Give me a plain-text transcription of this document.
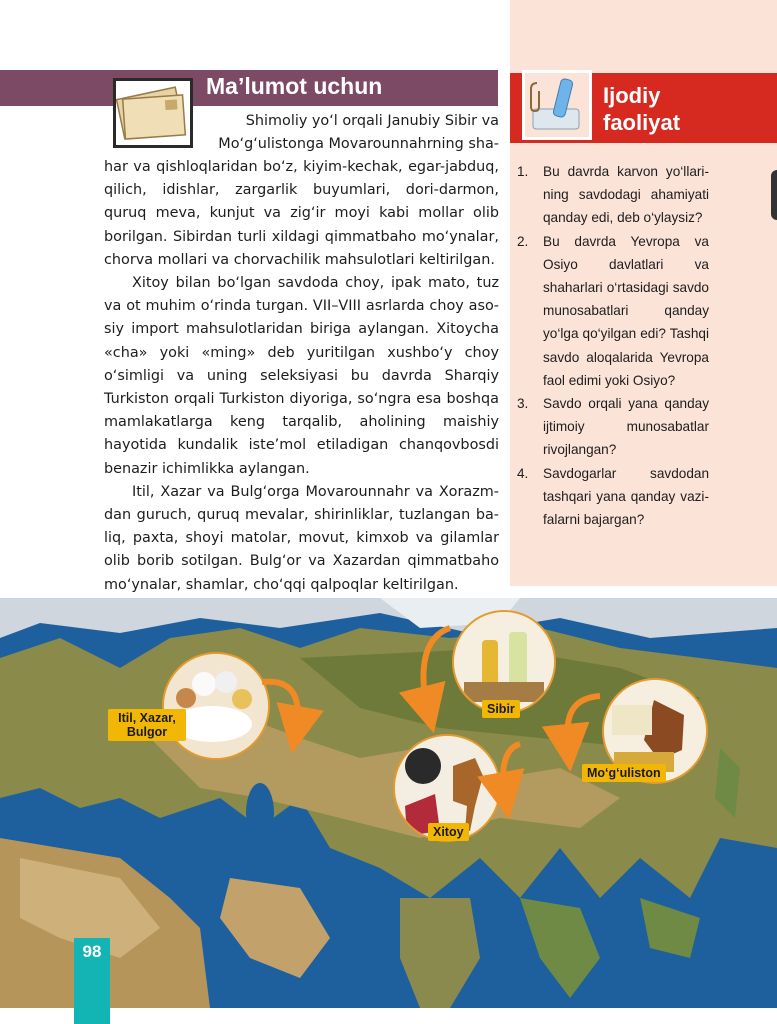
Ma’lumot uchun

Shimoliy yo‘l orqali Janubiy Sibir va

Mo‘g‘ulistonga Movarounnahrning sha-

har va qishloqlaridan bo‘z, kiyim-kechak, egar-jabduq, qilich, idishlar, zargarlik buyumlari, dori-darmon, quruq meva, kunjut va zig‘ir moyi kabi mollar olib borilgan. Sibirdan turli xildagi qimmatbaho mo‘ynalar, chorva mollari va chorvachilik mahsulotlari keltirilgan.

Xitoy bilan bo‘lgan savdoda choy, ipak mato, tuz va ot muhim o‘rinda turgan. VII–VIII asrlarda choy asosiy import mahsulotlaridan biriga aylangan. Xitoycha «cha» yoki «ming» deb yuritilgan xushbo‘y choy o‘simligi va uning seleksiyasi bu davrda Sharqiy Turkiston orqali Turkiston diyoriga, so‘ngra esa boshqa mamlakatlarga keng tarqalib, aholining maishiy hayotida kundalik iste’mol etiladigan chanqovbosdi benazir ichimlikka aylangan.

Itil, Xazar va Bulg‘orga Movarounnahr va Xorazmdan guruch, quruq mevalar, shirinliklar, tuzlangan baliq, paxta, shoyi matolar, movut, kimxob va gilamlar olib borib sotilgan. Bulg‘or va Xazardan qimmatbaho mo‘ynalar, shamlar, cho‘qqi qalpoqlar keltirilgan.

Ijodiy
faoliyat
1. Bu davrda karvon yo‘llarining savdodagi ahamiyati qanday edi, deb o‘ylaysiz?
2. Bu davrda Yevropa va Osiyo davlatlari va shaharlari o‘rtasidagi savdo munosabatlari qanday yo‘lga qo‘yilgan edi? Tashqi savdo aloqalarida Yevropa faol edimi yoki Osiyo?
3. Savdo orqali yana qanday ijtimoiy munosabatlar rivojlangan?
4. Savdogarlar savdodan tashqari yana qanday vazifalarni bajargan?
Itil, Xazar,
Bulgor
Sibir
Mo‘g‘uliston
Xitoy
98
